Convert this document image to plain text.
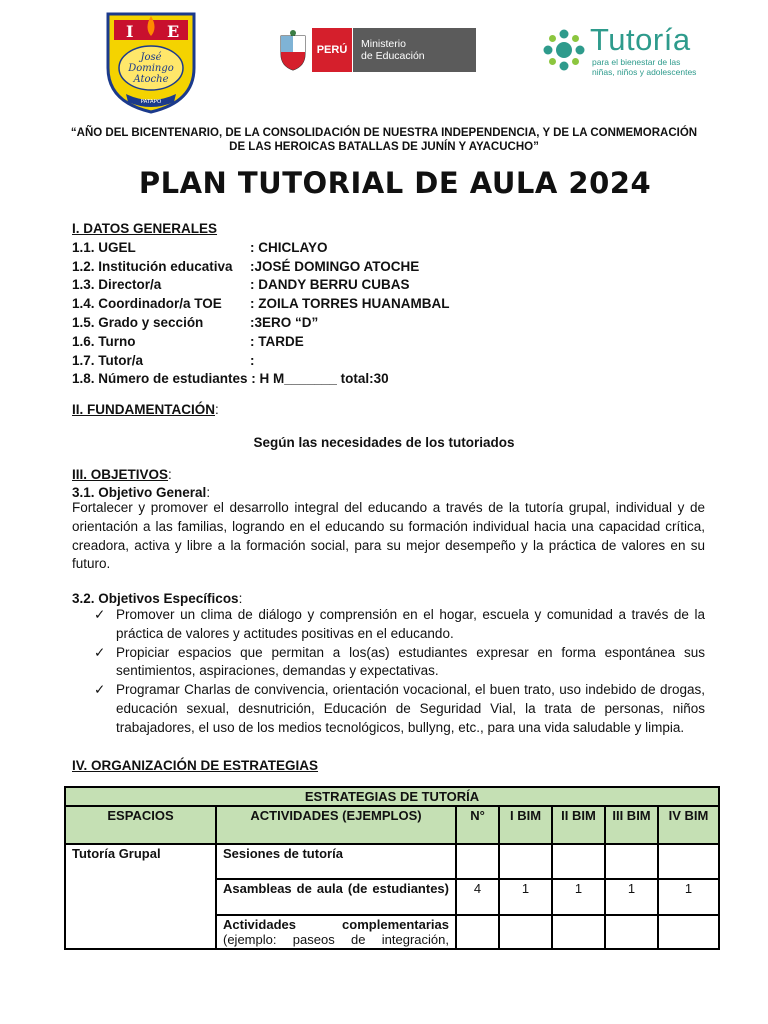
I E
José
Domingo
Atoche
PATAPO
PERÚ	Ministerio
de Educación	Tutoría
para el bienestar de las
niñas, niños y adolescentes
“AÑO DEL BICENTENARIO, DE LA CONSOLIDACIÓN DE NUESTRA INDEPENDENCIA, Y DE LA CONMEMORACIÓN
DE LAS HEROICAS BATALLAS DE JUNÍN Y AYACUCHO”
PLAN TUTORIAL DE AULA 2024
I. DATOS GENERALES
1.1. UGEL	: CHICLAYO
1.2. Institución educativa :JOSÉ DOMINGO ATOCHE
1.3. Director/a	: DANDY BERRU CUBAS
1.4. Coordinador/a TOE : ZOILA TORRES HUANAMBAL
1.5. Grado y sección	:3ERO “D”
1.6. Turno	: TARDE
1.7. Tutor/a	:
1.8. Número de estudiantes : H M_______ total:30
II. FUNDAMENTACIÓN:
Según las necesidades de los tutoriados
III. OBJETIVOS:
3.1. Objetivo General:
Fortalecer y promover el desarrollo integral del educando a través de la tutoría grupal, individual y de orientación a las familias, logrando en el educando su formación individual hacia una capacidad crítica, creadora, activa y libre a la formación social, para su mejor desempeño y la práctica de valores en su futuro.
3.2. Objetivos Específicos:
✓ Promover un clima de diálogo y comprensión en el hogar, escuela y comunidad a través de la práctica de valores y actitudes positivas en el educando.
✓ Propiciar espacios que permitan a los(as) estudiantes expresar en forma espontánea sus sentimientos, aspiraciones, demandas y expectativas.
✓ Programar Charlas de convivencia, orientación vocacional, el buen trato, uso indebido de drogas, educación sexual, desnutrición, Educación de Seguridad Vial, la trata de personas, niños trabajadores, el uso de los medios tecnológicos, bullyng, etc., para una vida saludable y limpia.
IV. ORGANIZACIÓN DE ESTRATEGIAS
ESTRATEGIAS DE TUTORÍA						
ESPACIOS	ACTIVIDADES (EJEMPLOS)	N°	I BIM	II BIM	III BIM	IV BIM
Tutoría Grupal	Sesiones de tutoría					

	Asambleas de aula (de estudiantes)	4	1	1	1	1

	Actividades complementarias
(ejemplo: paseos de integración,					
